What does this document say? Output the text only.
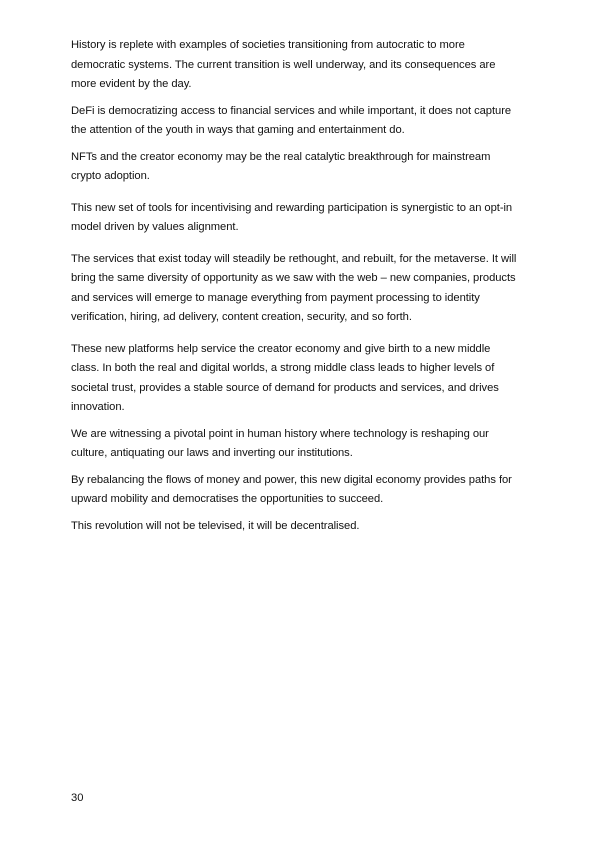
History is replete with examples of societies transitioning from autocratic to more democratic systems. The current transition is well underway, and its consequences are more evident by the day.

DeFi is democratizing access to financial services and while important, it does not capture the attention of the youth in ways that gaming and entertainment do.

NFTs and the creator economy may be the real catalytic breakthrough for mainstream crypto adoption.

This new set of tools for incentivising and rewarding participation is synergistic to an opt-in model driven by values alignment.

The services that exist today will steadily be rethought, and rebuilt, for the metaverse. It will bring the same diversity of opportunity as we saw with the web – new companies, products and services will emerge to manage everything from payment processing to identity verification, hiring, ad delivery, content creation, security, and so forth.

These new platforms help service the creator economy and give birth to a new middle class. In both the real and digital worlds, a strong middle class leads to higher levels of societal trust, provides a stable source of demand for products and services, and drives innovation.

We are witnessing a pivotal point in human history where technology is reshaping our culture, antiquating our laws and inverting our institutions.

By rebalancing the flows of money and power, this new digital economy provides paths for upward mobility and democratises the opportunities to succeed.

This revolution will not be televised, it will be decentralised.

30
